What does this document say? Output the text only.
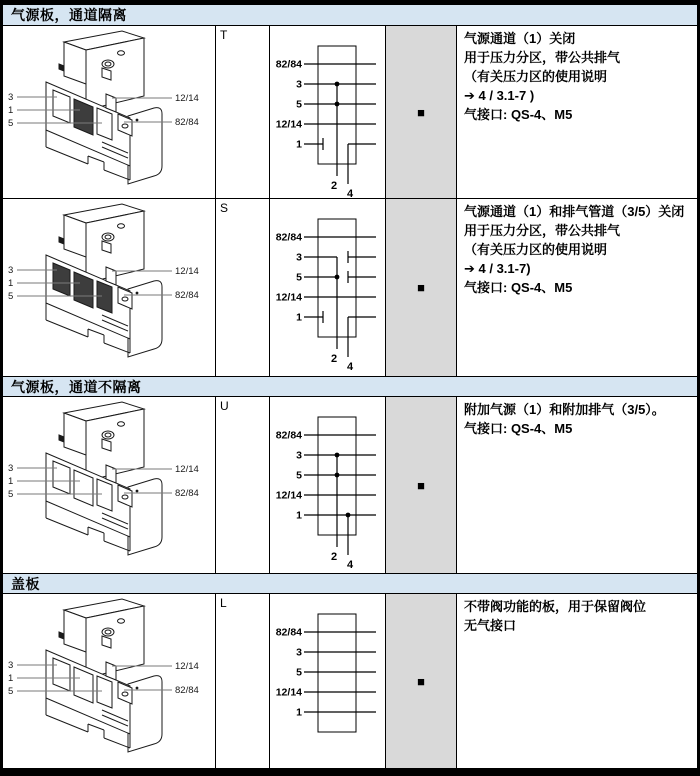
气源板，通道隔离
3
1
5
12/14
82/84
T
82/84
3
5
12/14
1
2
4
■
气源通道（1）关闭
用于压力分区，带公共排气
（有关压力区的使用说明
➔ 4 / 3.1-7 )
气接口: QS-4、M5
3
1
5
12/14
82/84
S
82/84
3
5
12/14
1
2
4
■
气源通道（1）和排气管道（3/5）关闭
用于压力分区，带公共排气
（有关压力区的使用说明
➔ 4 / 3.1-7)
气接口: QS-4、M5
气源板，通道不隔离
3
1
5
12/14
82/84
U
82/84
3
5
12/14
1
2
4
■
附加气源（1）和附加排气（3/5）。
气接口: QS-4、M5
盖板
3
1
5
12/14
82/84
L
82/84
3
5
12/14
1
■
不带阀功能的板，用于保留阀位
无气接口
